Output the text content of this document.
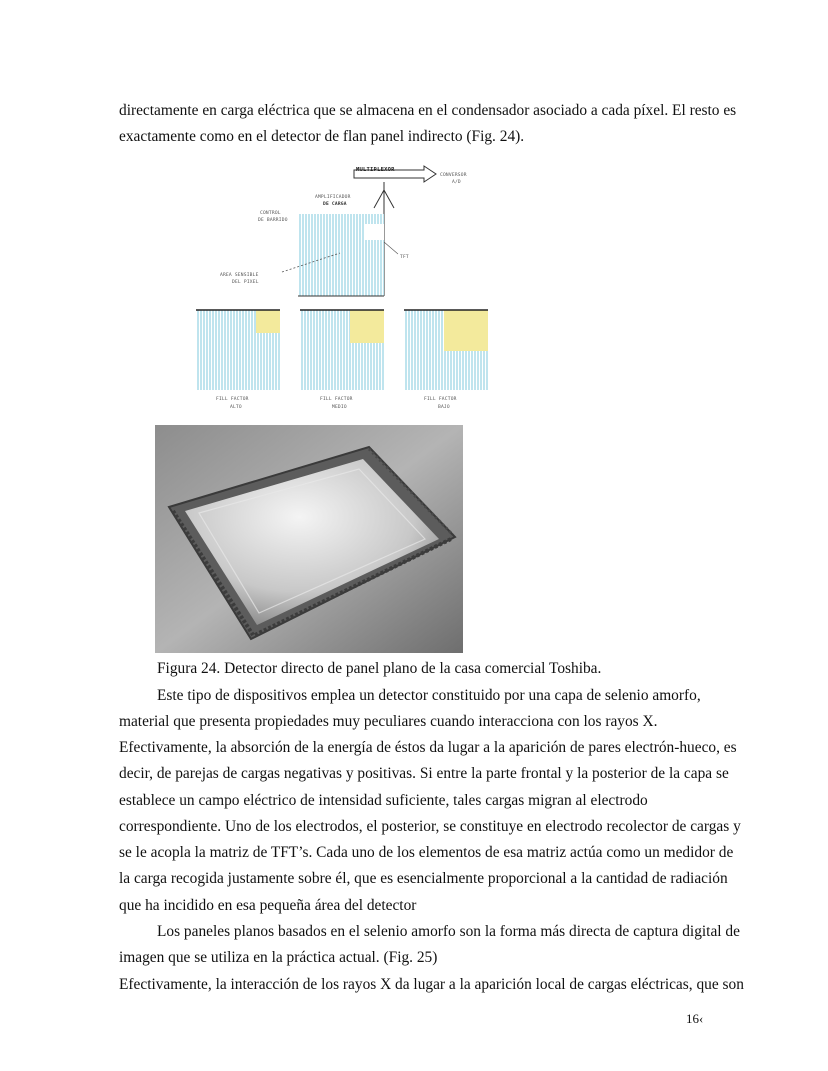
directamente en carga eléctrica que se almacena en el condensador asociado a cada píxel. El resto es
exactamente como en el detector de flan panel indirecto (Fig. 24).
MULTIPLEXOR
CONVERSOR
A/D
AMPLIFICADOR
DE CARGA
TFT
CONTROL
DE BARRIDO
AREA SENSIBLE
DEL PIXEL
FILL FACTOR
ALTO
FILL FACTOR
MEDIO
FILL FACTOR
BAJO
Figura 24. Detector directo de panel plano de la casa comercial Toshiba.
Este tipo de dispositivos emplea un detector constituido por una capa de selenio amorfo,
material que presenta propiedades muy peculiares cuando interacciona con los rayos X.
Efectivamente, la absorción de la energía de éstos da lugar a la aparición de pares electrón-hueco, es
decir, de parejas de cargas negativas y positivas. Si entre la parte frontal y la posterior de la capa se
establece un campo eléctrico de intensidad suficiente, tales cargas migran al electrodo
correspondiente. Uno de los electrodos, el posterior, se constituye en electrodo recolector de cargas y
se le acopla la matriz de TFT’s. Cada uno de los elementos de esa matriz actúa como un medidor de
la carga recogida justamente sobre él, que es esencialmente proporcional a la cantidad de radiación
que ha incidido en esa pequeña área del detector
Los paneles planos basados en el selenio amorfo son la forma más directa de captura digital de
imagen que se utiliza en la práctica actual. (Fig. 25)
Efectivamente, la interacción de los rayos X da lugar a la aparición local de cargas eléctricas, que son
16‹
